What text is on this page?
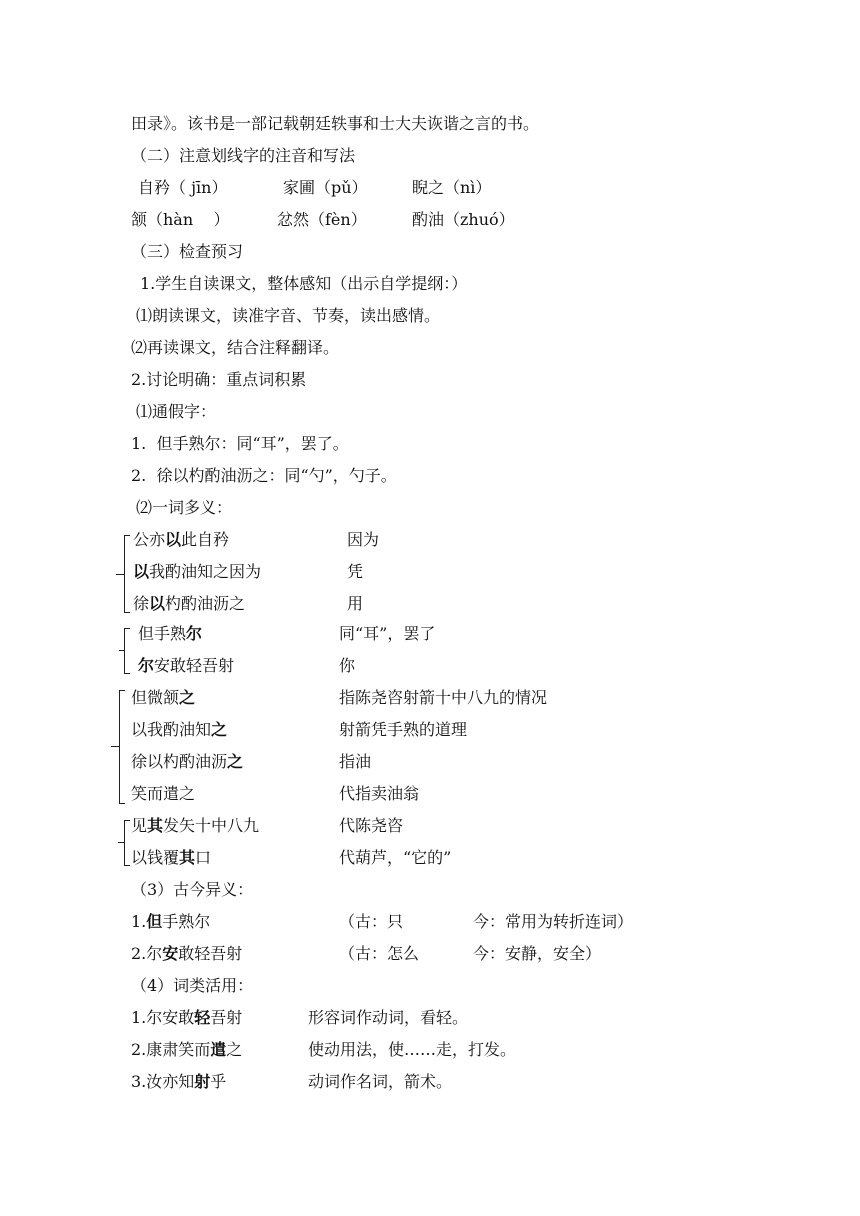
田录》。该书是一部记载朝廷轶事和士大夫诙谐之言的书。
（二）注意划线字的注音和写法
自矜（ jīn）	家圃（pǔ）	睨之（nì）
颔（hàn    ）	忿然（fèn）	酌油（zhuó）
（三）检查预习
1.学生自读课文，整体感知（出示自学提纲：）
⑴朗读课文，读准字音、节奏，读出感情。
⑵再读课文，结合注释翻译。
2.讨论明确：重点词积累
⑴通假字：
1.  但手熟尔：同“耳”，罢了。
2.  徐以杓酌油沥之：同“勺”，勺子。
⑵一词多义：
公亦以此自矜	因为
以我酌油知之因为	凭
徐以杓酌油沥之	用
但手熟尔	同“耳”，罢了
尔安敢轻吾射	你
但微颔之	指陈尧咨射箭十中八九的情况
以我酌油知之	射箭凭手熟的道理
徐以杓酌油沥之	指油
笑而遣之	代指卖油翁
见其发矢十中八九	代陈尧咨
以钱覆其口	代葫芦，“它的”
（3）古今异义：
1.但手熟尔	（古：只	今：常用为转折连词）
2.尔安敢轻吾射	（古：怎么	今：安静，安全）
（4）词类活用：
1.尔安敢轻吾射	形容词作动词，看轻。
2.康肃笑而遣之	使动用法，使……走，打发。
3.汝亦知射乎	动词作名词，箭术。
